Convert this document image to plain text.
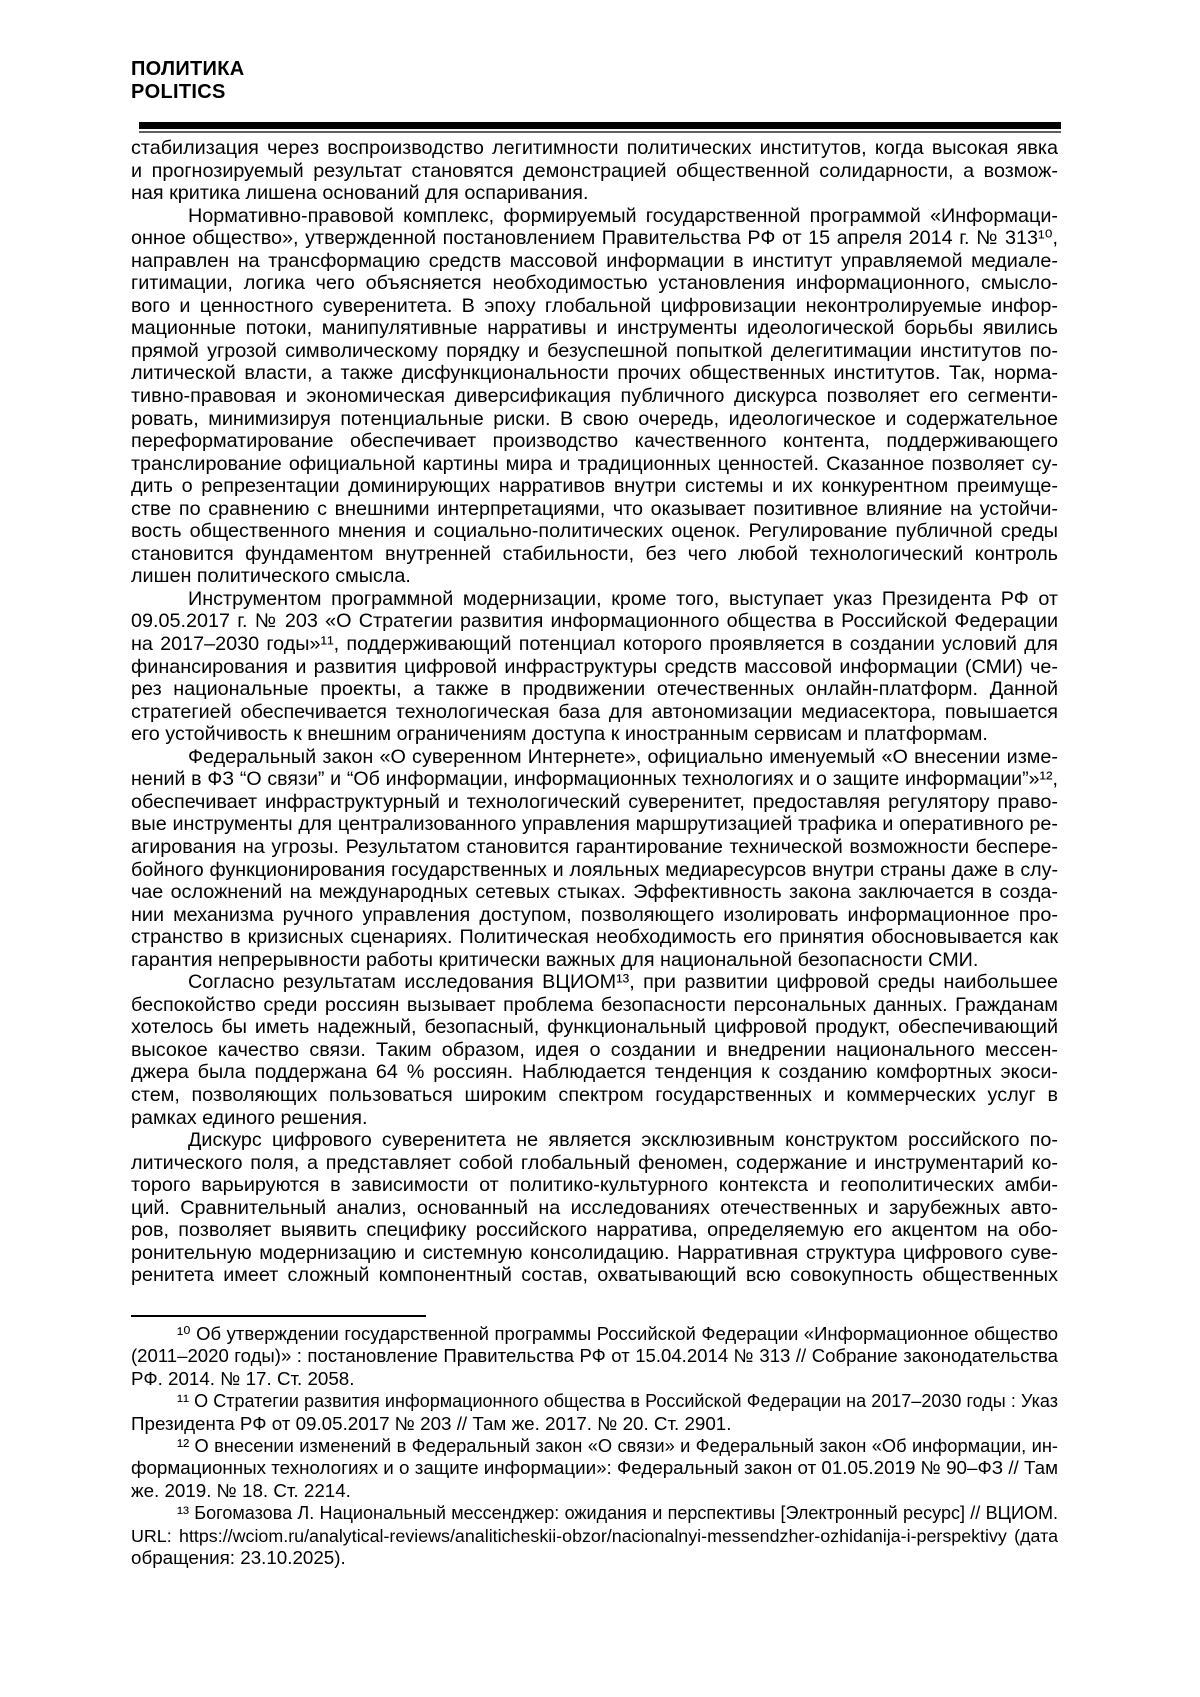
ПОЛИТИКА
POLITICS
стабилизация через воспроизводство легитимности политических институтов, когда высокая явка
и прогнозируемый результат становятся демонстрацией общественной солидарности, а возмож-
ная критика лишена оснований для оспаривания.
Нормативно-правовой комплекс, формируемый государственной программой «Информаци-
онное общество», утвержденной постановлением Правительства РФ от 15 апреля 2014 г. № 313¹⁰,
направлен на трансформацию средств массовой информации в институт управляемой медиале-
гитимации, логика чего объясняется необходимостью установления информационного, смысло-
вого и ценностного суверенитета. В эпоху глобальной цифровизации неконтролируемые инфор-
мационные потоки, манипулятивные нарративы и инструменты идеологической борьбы явились
прямой угрозой символическому порядку и безуспешной попыткой делегитимации институтов по-
литической власти, а также дисфункциональности прочих общественных институтов. Так, норма-
тивно-правовая и экономическая диверсификация публичного дискурса позволяет его сегменти-
ровать, минимизируя потенциальные риски. В свою очередь, идеологическое и содержательное
переформатирование обеспечивает производство качественного контента, поддерживающего
транслирование официальной картины мира и традиционных ценностей. Сказанное позволяет су-
дить о репрезентации доминирующих нарративов внутри системы и их конкурентном преимуще-
стве по сравнению с внешними интерпретациями, что оказывает позитивное влияние на устойчи-
вость общественного мнения и социально-политических оценок. Регулирование публичной среды
становится фундаментом внутренней стабильности, без чего любой технологический контроль
лишен политического смысла.
Инструментом программной модернизации, кроме того, выступает указ Президента РФ от
09.05.2017 г. № 203 «О Стратегии развития информационного общества в Российской Федерации
на 2017–2030 годы»¹¹, поддерживающий потенциал которого проявляется в создании условий для
финансирования и развития цифровой инфраструктуры средств массовой информации (СМИ) че-
рез национальные проекты, а также в продвижении отечественных онлайн-платформ. Данной
стратегией обеспечивается технологическая база для автономизации медиасектора, повышается
его устойчивость к внешним ограничениям доступа к иностранным сервисам и платформам.
Федеральный закон «О суверенном Интернете», официально именуемый «О внесении изме-
нений в ФЗ “О связи” и “Об информации, информационных технологиях и о защите информации”»¹²,
обеспечивает инфраструктурный и технологический суверенитет, предоставляя регулятору право-
вые инструменты для централизованного управления маршрутизацией трафика и оперативного ре-
агирования на угрозы. Результатом становится гарантирование технической возможности беспере-
бойного функционирования государственных и лояльных медиаресурсов внутри страны даже в слу-
чае осложнений на международных сетевых стыках. Эффективность закона заключается в созда-
нии механизма ручного управления доступом, позволяющего изолировать информационное про-
странство в кризисных сценариях. Политическая необходимость его принятия обосновывается как
гарантия непрерывности работы критически важных для национальной безопасности СМИ.
Согласно результатам исследования ВЦИОМ¹³, при развитии цифровой среды наибольшее
беспокойство среди россиян вызывает проблема безопасности персональных данных. Гражданам
хотелось бы иметь надежный, безопасный, функциональный цифровой продукт, обеспечивающий
высокое качество связи. Таким образом, идея о создании и внедрении национального мессен-
джера была поддержана 64 % россиян. Наблюдается тенденция к созданию комфортных экоси-
стем, позволяющих пользоваться широким спектром государственных и коммерческих услуг в
рамках единого решения.
Дискурс цифрового суверенитета не является эксклюзивным конструктом российского по-
литического поля, а представляет собой глобальный феномен, содержание и инструментарий ко-
торого варьируются в зависимости от политико-культурного контекста и геополитических амби-
ций. Сравнительный анализ, основанный на исследованиях отечественных и зарубежных авто-
ров, позволяет выявить специфику российского нарратива, определяемую его акцентом на обо-
ронительную модернизацию и системную консолидацию. Нарративная структура цифрового суве-
ренитета имеет сложный компонентный состав, охватывающий всю совокупность общественных
¹⁰ Об утверждении государственной программы Российской Федерации «Информационное общество
(2011–2020 годы)» : постановление Правительства РФ от 15.04.2014 № 313 // Собрание законодательства
РФ. 2014. № 17. Ст. 2058.
¹¹ О Стратегии развития информационного общества в Российской Федерации на 2017–2030 годы : Указ
Президента РФ от 09.05.2017 № 203 // Там же. 2017. № 20. Ст. 2901.
¹² О внесении изменений в Федеральный закон «О связи» и Федеральный закон «Об информации, ин-
формационных технологиях и о защите информации»: Федеральный закон от 01.05.2019 № 90–ФЗ // Там
же. 2019. № 18. Ст. 2214.
¹³ Богомазова Л. Национальный мессенджер: ожидания и перспективы [Электронный ресурс] // ВЦИОМ.
URL: https://wciom.ru/analytical-reviews/analiticheskii-obzor/nacionalnyi-messendzher-ozhidanija-i-perspektivy (дата
обращения: 23.10.2025).
